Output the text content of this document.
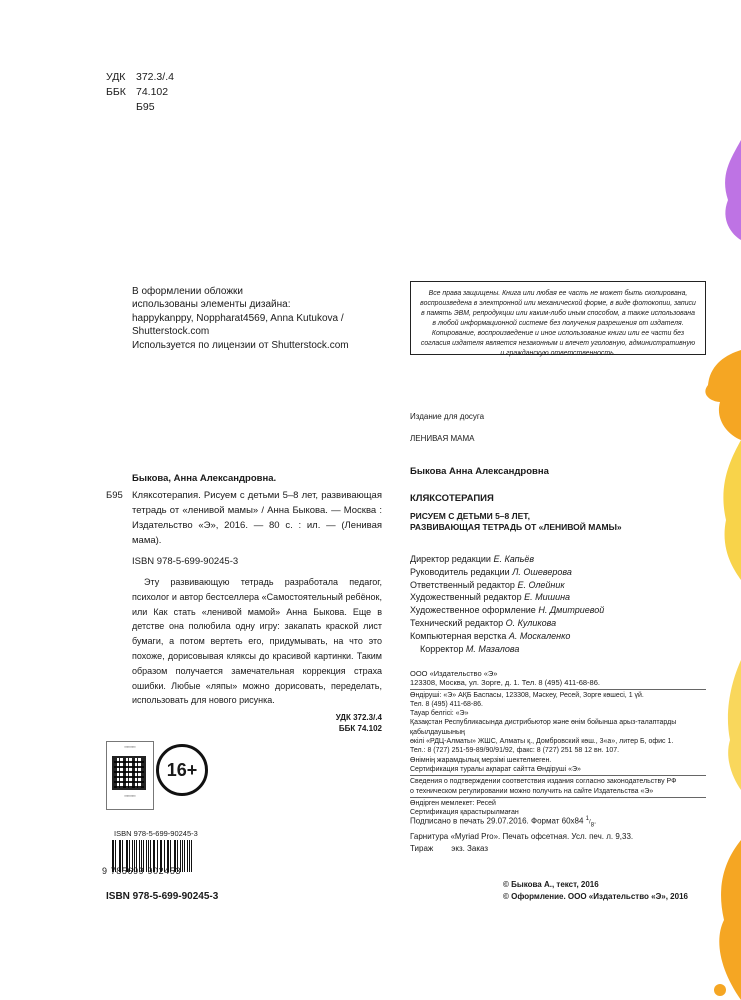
УДК	372.3/.4
ББК 74.102
Б95
В оформлении обложки
использованы элементы дизайна:
happykanppy, Noppharat4569, Anna Kutukova /
Shutterstock.com
Используется по лицензии от Shutterstock.com
Все права защищены. Книга или любая ее часть не может быть скопирована, воспроизведена в электронной или механической форме, в виде фотокопии, записи в память ЭВМ, репродукции или каким-либо иным способом, а также использована в любой информационной системе без получения разрешения от издателя. Копирование, воспроизведение и иное использование книги или ее части без согласия издателя является незаконным и влечет уголовную, административную и гражданскую ответственность.
Издание для досуга
ЛЕНИВАЯ МАМА
Быкова, Анна Александровна.
Б95 Кляксотерапия. Рисуем с детьми 5–8 лет, развивающая тетрадь от «ленивой мамы» / Анна Быкова. — Москва : Издательство «Э», 2016. — 80 с. : ил. — (Ленивая мама).
ISBN 978-5-699-90245-3
Эту развивающую тетрадь разработала педагог, психолог и автор бестселлера «Самостоятельный ребёнок, или Как стать «ленивой мамой» Анна Быкова. Еще в детстве она полюбила одну игру: закапать краской лист бумаги, а потом вертеть его, придумывать, на что это похоже, дорисовывая кляксы до красивой картинки. Таким образом получается замечательная коррекция страха ошибки. Любые «ляпы» можно дорисовать, переделать, использовать для нового рисунка.
УДК 372.3/.4
ББК 74.102
▪▪▪▪▪▪▪▪▪
▪▪▪▪▪▪▪▪▪
16+
ISBN 978-5-699-90245-3
9 785699 902453
ISBN 978-5-699-90245-3
Быкова Анна Александровна
КЛЯКСОТЕРАПИЯ
РИСУЕМ С ДЕТЬМИ 5–8 ЛЕТ,
РАЗВИВАЮЩАЯ ТЕТРАДЬ ОТ «ЛЕНИВОЙ МАМЫ»
Директор редакции Е. Капьёв
Руководитель редакции Л. Ошеверова
Ответственный редактор Е. Олейник
Художественный редактор Е. Мишина
Художественное оформление Н. Дмитриевой
Технический редактор О. Куликова
Компьютерная верстка А. Москаленко
Корректор М. Мазалова
ООО «Издательство «Э»
123308, Москва, ул. Зорге, д. 1. Тел. 8 (495) 411-68-86.
Өндіруші: «Э» АҚБ Баспасы, 123308, Мәскеу, Ресей, Зорге көшесі, 1 үй.
Тел. 8 (495) 411-68-86.
Тауар белгісі: «Э»
Қазақстан Республикасында дистрибьютор және өнім бойынша арыз-талаптарды қабылдаушының
өкілі «РДЦ-Алматы» ЖШС, Алматы қ., Домбровский көш., 3«а», литер Б, офис 1.
Тел.: 8 (727) 251-59-89/90/91/92, факс: 8 (727) 251 58 12 вн. 107.
Өнімнің жарамдылық мерзімі шектелмеген.
Сертификация туралы ақпарат сайтта Өндіруші «Э»
Сведения о подтверждении соответствия издания согласно законодательству РФ
о техническом регулировании можно получить на сайте Издательства «Э»
Өндірген мемлекет: Ресей
Сертификация қарастырылмаған
Подписано в печать 29.07.2016. Формат 60x84 $^1/_8$.
Гарнитура «Myriad Pro». Печать офсетная. Усл. печ. л. 9,33.
Тираж экз. Заказ
© Быкова А., текст, 2016
© Оформление. ООО «Издательство «Э», 2016
